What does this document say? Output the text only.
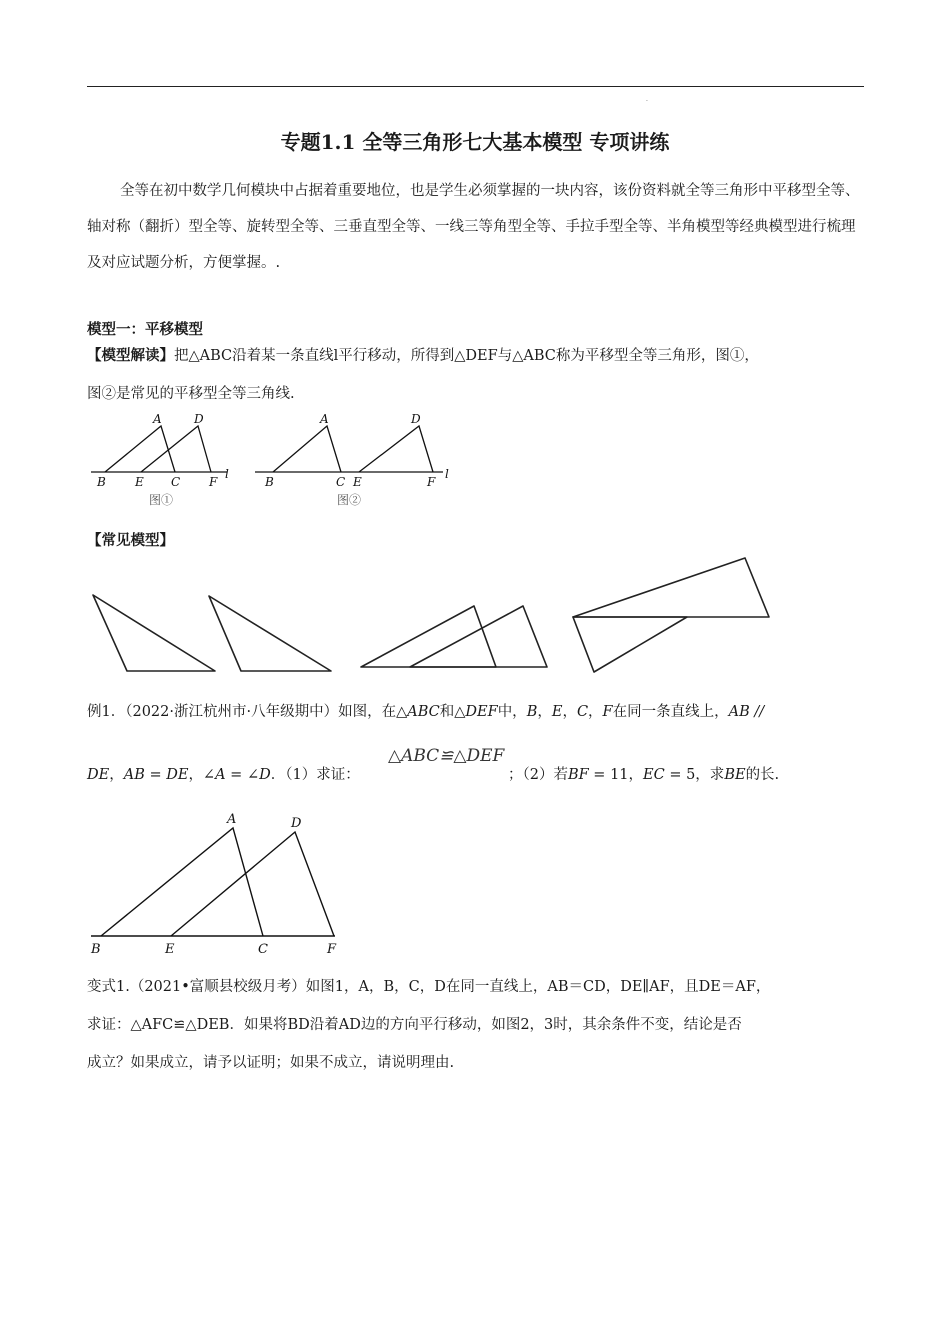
.
专题1.1 全等三角形七大基本模型 专项讲练
全等在初中数学几何模块中占据着重要地位，也是学生必须掌握的一块内容，该份资料就全等三角形中平移型全等、轴对称（翻折）型全等、旋转型全等、三垂直型全等、一线三等角型全等、手拉手型全等、半角模型等经典模型进行梳理及对应试题分析，方便掌握。.
模型一：平移模型
【模型解读】把△ABC沿着某一条直线l平行移动，所得到△DEF与△ABC称为平移型全等三角形，图①，
图②是常见的平移型全等三角线.
A	D
B E C F
l
图①
A	D
B	C E	F
l
图②
【常见模型】
例1．（2022·浙江杭州市·八年级期中）如图，在△ABC和△DEF中，B，E，C，F在同一条直线上，AB //
DE，AB = DE，∠A = ∠D．（1）求证：
△ABC≌△DEF
；（2）若BF = 11，EC = 5，求BE的长.
A	D
B	E	C	F
变式1.（2021•富顺县校级月考）如图1，A，B，C，D在同一直线上，AB＝CD，DE∥AF，且DE＝AF，
求证：△AFC≌△DEB．如果将BD沿着AD边的方向平行移动，如图2，3时，其余条件不变，结论是否
成立？如果成立，请予以证明；如果不成立，请说明理由.
